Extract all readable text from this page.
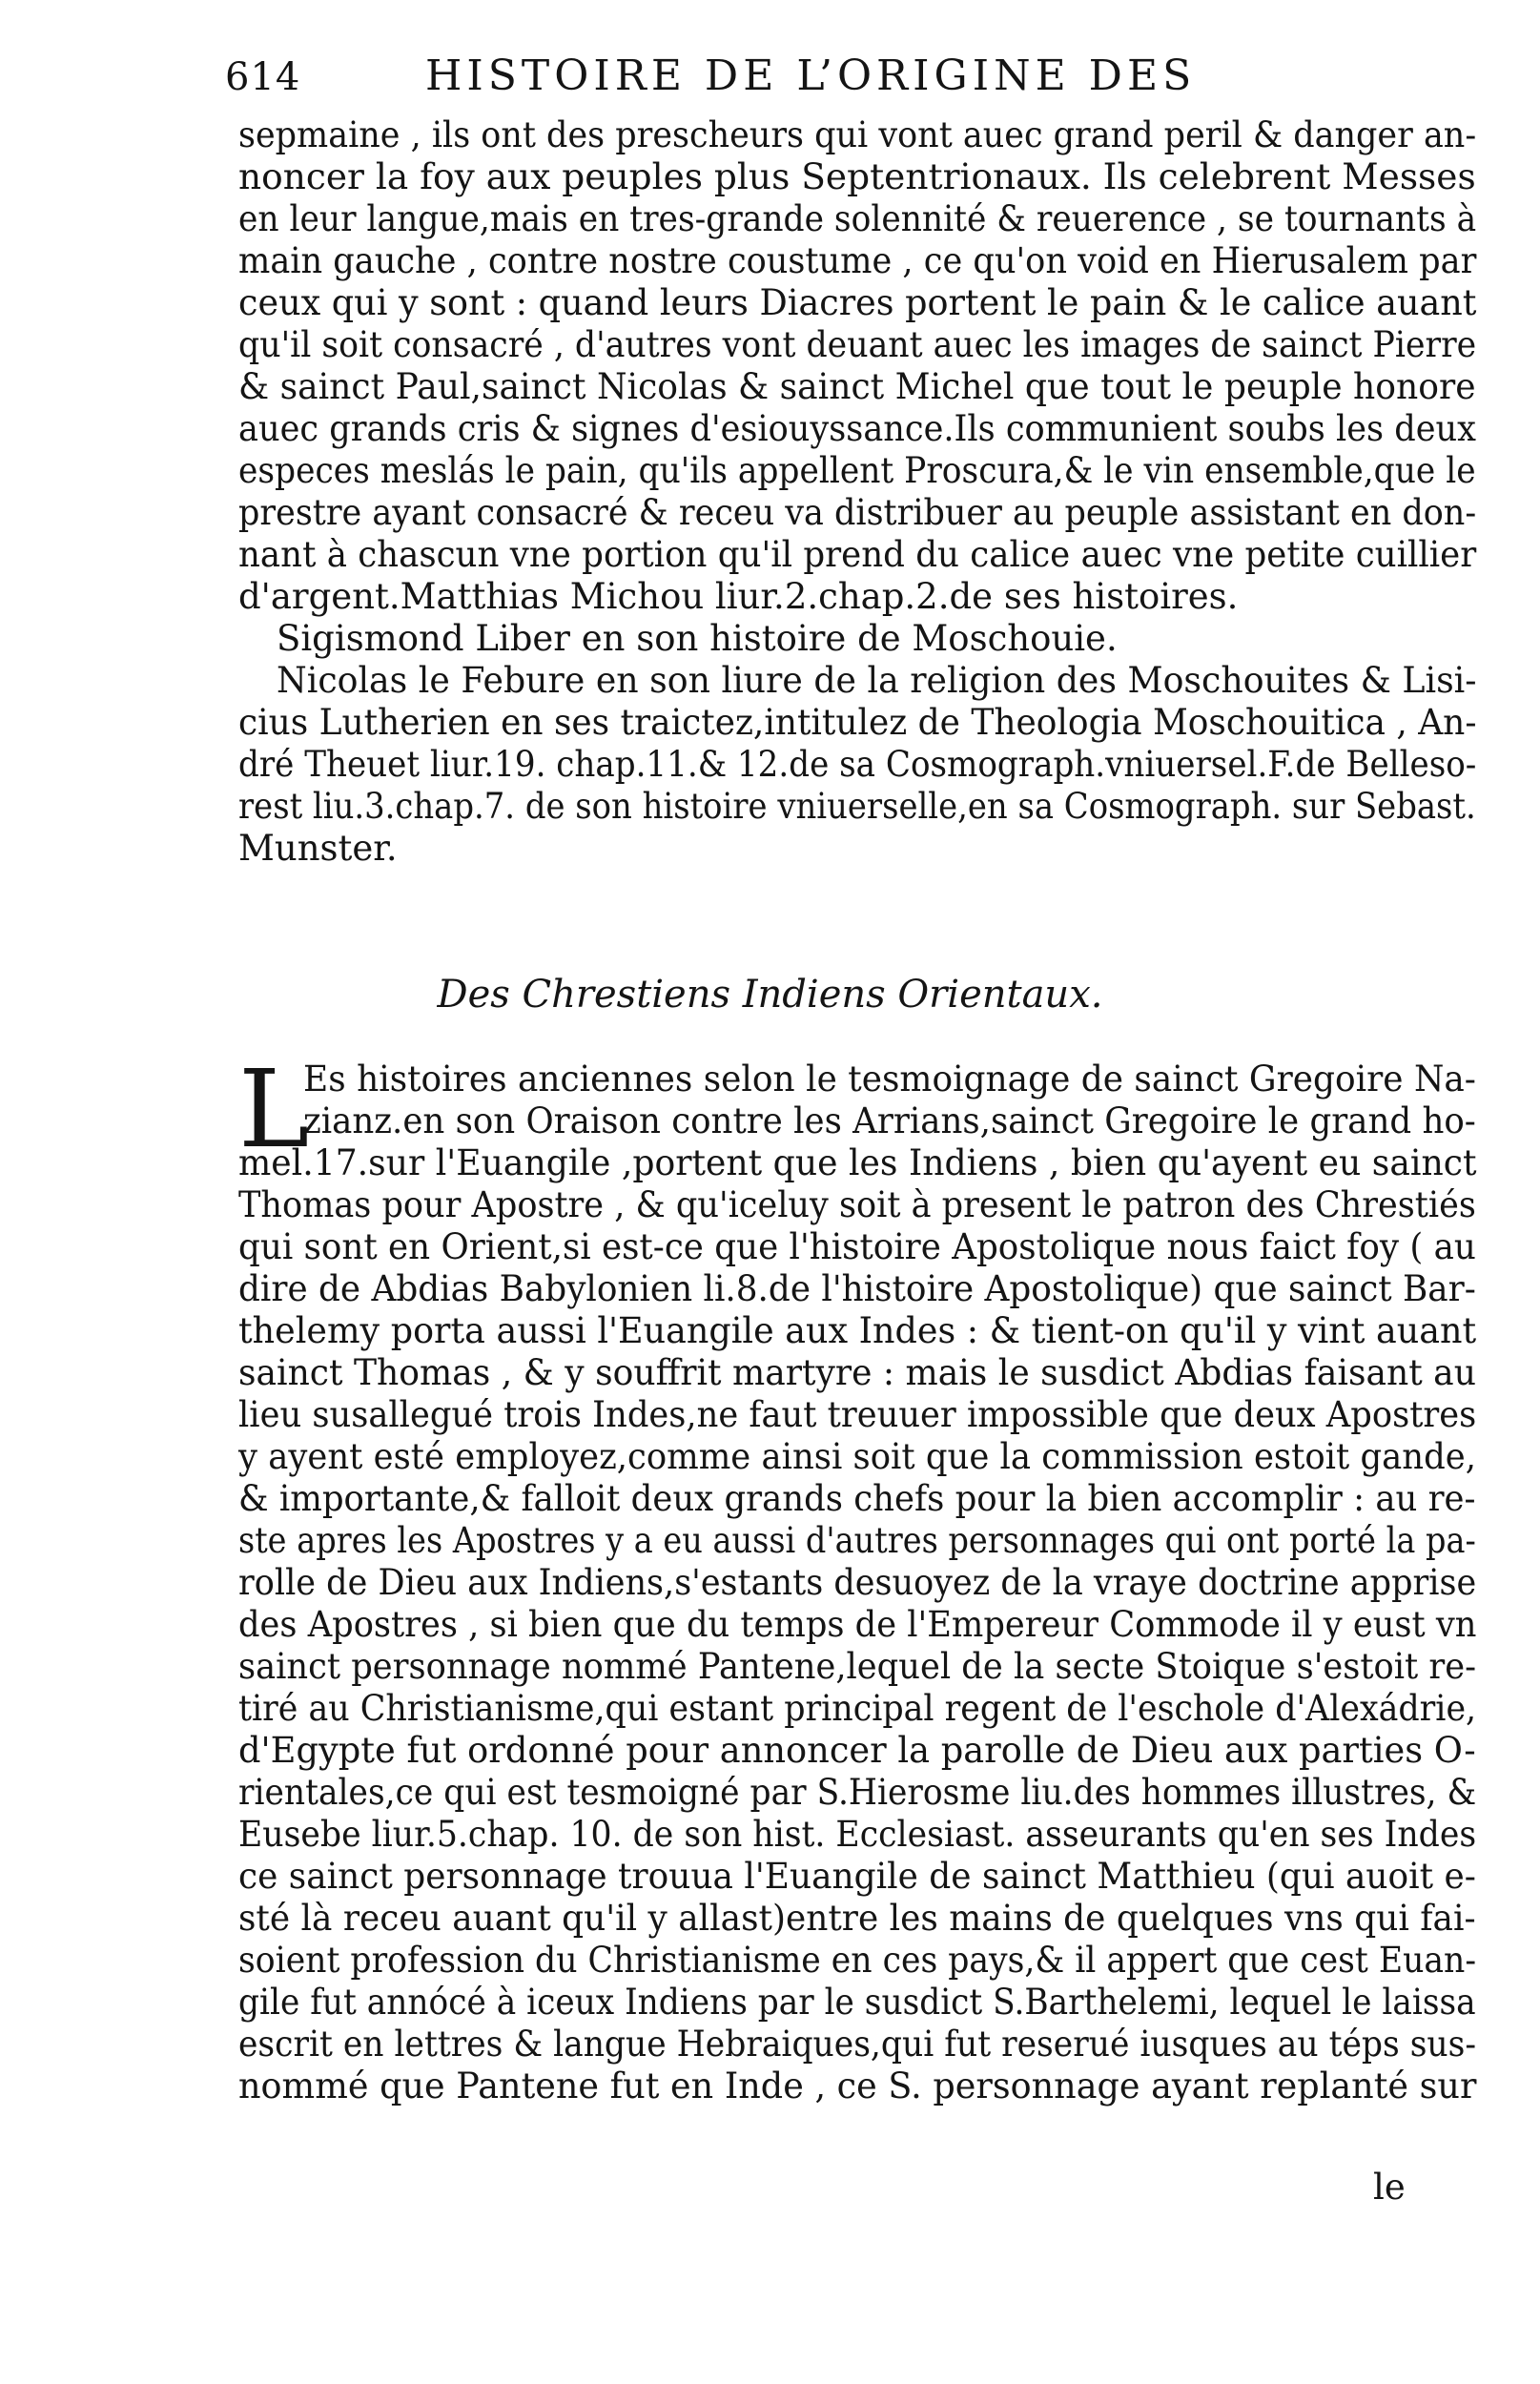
614	HISTOIRE DE L’ORIGINE DES
sepmaine , ils ont des prescheurs qui vont auec grand peril & danger an-
noncer la foy aux peuples plus Septentrionaux. Ils celebrent Messes
en leur langue,mais en tres-grande solennité & reuerence , se tournants à
main gauche , contre nostre coustume , ce qu'on void en Hierusalem par
ceux qui y sont : quand leurs Diacres portent le pain & le calice auant
qu'il soit consacré , d'autres vont deuant auec les images de sainct Pierre
& sainct Paul,sainct Nicolas & sainct Michel que tout le peuple honore
auec grands cris & signes d'esiouyssance.Ils communient soubs les deux
especes meslás le pain, qu'ils appellent Proscura,& le vin ensemble,que le
prestre ayant consacré & receu va distribuer au peuple assistant en don-
nant à chascun vne portion qu'il prend du calice auec vne petite cuillier
d'argent.Matthias Michou liur.2.chap.2.de ses histoires.
Sigismond Liber en son histoire de Moschouie.
Nicolas le Febure en son liure de la religion des Moschouites & Lisi-
cius Lutherien en ses traictez,intitulez de Theologia Moschouitica , An-
dré Theuet liur.19. chap.11.& 12.de sa Cosmograph.vniuersel.F.de Belleso-
rest liu.3.chap.7. de son histoire vniuerselle,en sa Cosmograph. sur Sebast.
Munster.
Des Chrestiens Indiens Orientaux.
L
Es histoires anciennes selon le tesmoignage de sainct Gregoire Na-
zianz.en son Oraison contre les Arrians,sainct Gregoire le grand ho-
mel.17.sur l'Euangile ,portent que les Indiens , bien qu'ayent eu sainct
Thomas pour Apostre , & qu'iceluy soit à present le patron des Chrestiés
qui sont en Orient,si est-ce que l'histoire Apostolique nous faict foy ( au
dire de Abdias Babylonien li.8.de l'histoire Apostolique) que sainct Bar-
thelemy porta aussi l'Euangile aux Indes : & tient-on qu'il y vint auant
sainct Thomas , & y souffrit martyre : mais le susdict Abdias faisant au
lieu susallegué trois Indes,ne faut treuuer impossible que deux Apostres
y ayent esté employez,comme ainsi soit que la commission estoit gande,
& importante,& falloit deux grands chefs pour la bien accomplir : au re-
ste apres les Apostres y a eu aussi d'autres personnages qui ont porté la pa-
rolle de Dieu aux Indiens,s'estants desuoyez de la vraye doctrine apprise
des Apostres , si bien que du temps de l'Empereur Commode il y eust vn
sainct personnage nommé Pantene,lequel de la secte Stoique s'estoit re-
tiré au Christianisme,qui estant principal regent de l'eschole d'Alexádrie,
d'Egypte fut ordonné pour annoncer la parolle de Dieu aux parties O-
rientales,ce qui est tesmoigné par S.Hierosme liu.des hommes illustres, &
Eusebe liur.5.chap. 10. de son hist. Ecclesiast. asseurants qu'en ses Indes
ce sainct personnage trouua l'Euangile de sainct Matthieu (qui auoit e-
sté là receu auant qu'il y allast)entre les mains de quelques vns qui fai-
soient profession du Christianisme en ces pays,& il appert que cest Euan-
gile fut annócé à iceux Indiens par le susdict S.Barthelemi, lequel le laissa
escrit en lettres & langue Hebraiques,qui fut reserué iusques au téps sus-
nommé que Pantene fut en Inde , ce S. personnage ayant replanté sur
le
